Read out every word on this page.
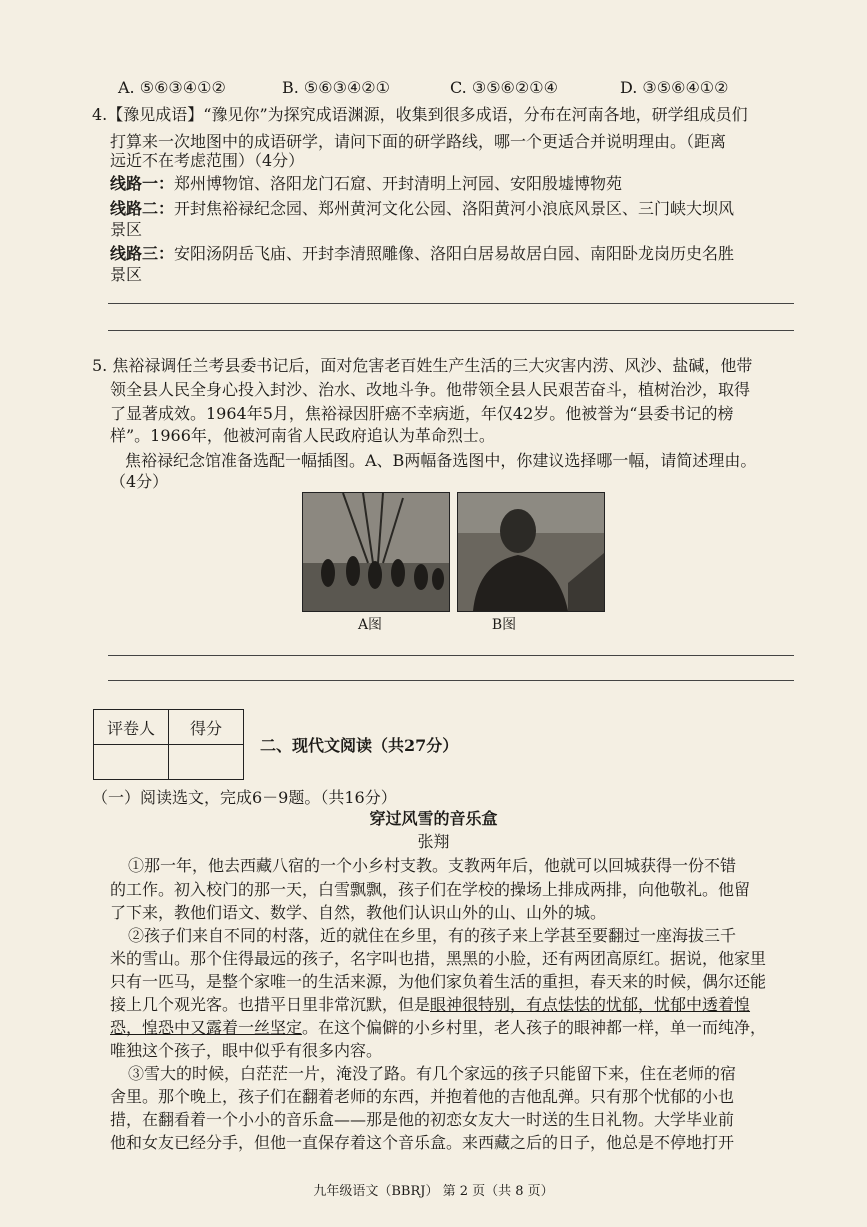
A. ⑤⑥③④①②	B. ⑤⑥③④②①	C. ③⑤⑥②①④	D. ③⑤⑥④①②
4.【豫见成语】“豫见你”为探究成语渊源，收集到很多成语，分布在河南各地，研学组成员们
打算来一次地图中的成语研学，请问下面的研学路线，哪一个更适合并说明理由。（距离
远近不在考虑范围）（4分）
线路一：郑州博物馆、洛阳龙门石窟、开封清明上河园、安阳殷墟博物苑
线路二：开封焦裕禄纪念园、郑州黄河文化公园、洛阳黄河小浪底风景区、三门峡大坝风
景区
线路三：安阳汤阴岳飞庙、开封李清照雕像、洛阳白居易故居白园、南阳卧龙岗历史名胜
景区
5. 焦裕禄调任兰考县委书记后，面对危害老百姓生产生活的三大灾害内涝、风沙、盐碱，他带
领全县人民全身心投入封沙、治水、改地斗争。他带领全县人民艰苦奋斗，植树治沙，取得
了显著成效。1964年5月，焦裕禄因肝癌不幸病逝，年仅42岁。他被誉为“县委书记的榜
样”。1966年，他被河南省人民政府追认为革命烈士。
焦裕禄纪念馆准备选配一幅插图。A、B两幅备选图中，你建议选择哪一幅，请简述理由。
（4分）
A图	B图
评卷人	得分

二、现代文阅读（共27分）
（一）阅读选文，完成6－9题。（共16分）
穿过风雪的音乐盒
张翔
①那一年，他去西藏八宿的一个小乡村支教。支教两年后，他就可以回城获得一份不错
的工作。初入校门的那一天，白雪飘飘，孩子们在学校的操场上排成两排，向他敬礼。他留
了下来，教他们语文、数学、自然，教他们认识山外的山、山外的城。
②孩子们来自不同的村落，近的就住在乡里，有的孩子来上学甚至要翻过一座海拔三千
米的雪山。那个住得最远的孩子，名字叫也措，黑黑的小脸，还有两团高原红。据说，他家里
只有一匹马，是整个家唯一的生活来源，为他们家负着生活的重担，春天来的时候，偶尔还能
接上几个观光客。也措平日里非常沉默，但是眼神很特别，有点怯怯的忧郁，忧郁中透着惶
恐，惶恐中又露着一丝坚定。在这个偏僻的小乡村里，老人孩子的眼神都一样，单一而纯净，
唯独这个孩子，眼中似乎有很多内容。
③雪大的时候，白茫茫一片，淹没了路。有几个家远的孩子只能留下来，住在老师的宿
舍里。那个晚上，孩子们在翻着老师的东西，并抱着他的吉他乱弹。只有那个忧郁的小也
措，在翻看着一个小小的音乐盒——那是他的初恋女友大一时送的生日礼物。大学毕业前
他和女友已经分手，但他一直保存着这个音乐盒。来西藏之后的日子，他总是不停地打开
九年级语文（BBRJ） 第 2 页（共 8 页）
